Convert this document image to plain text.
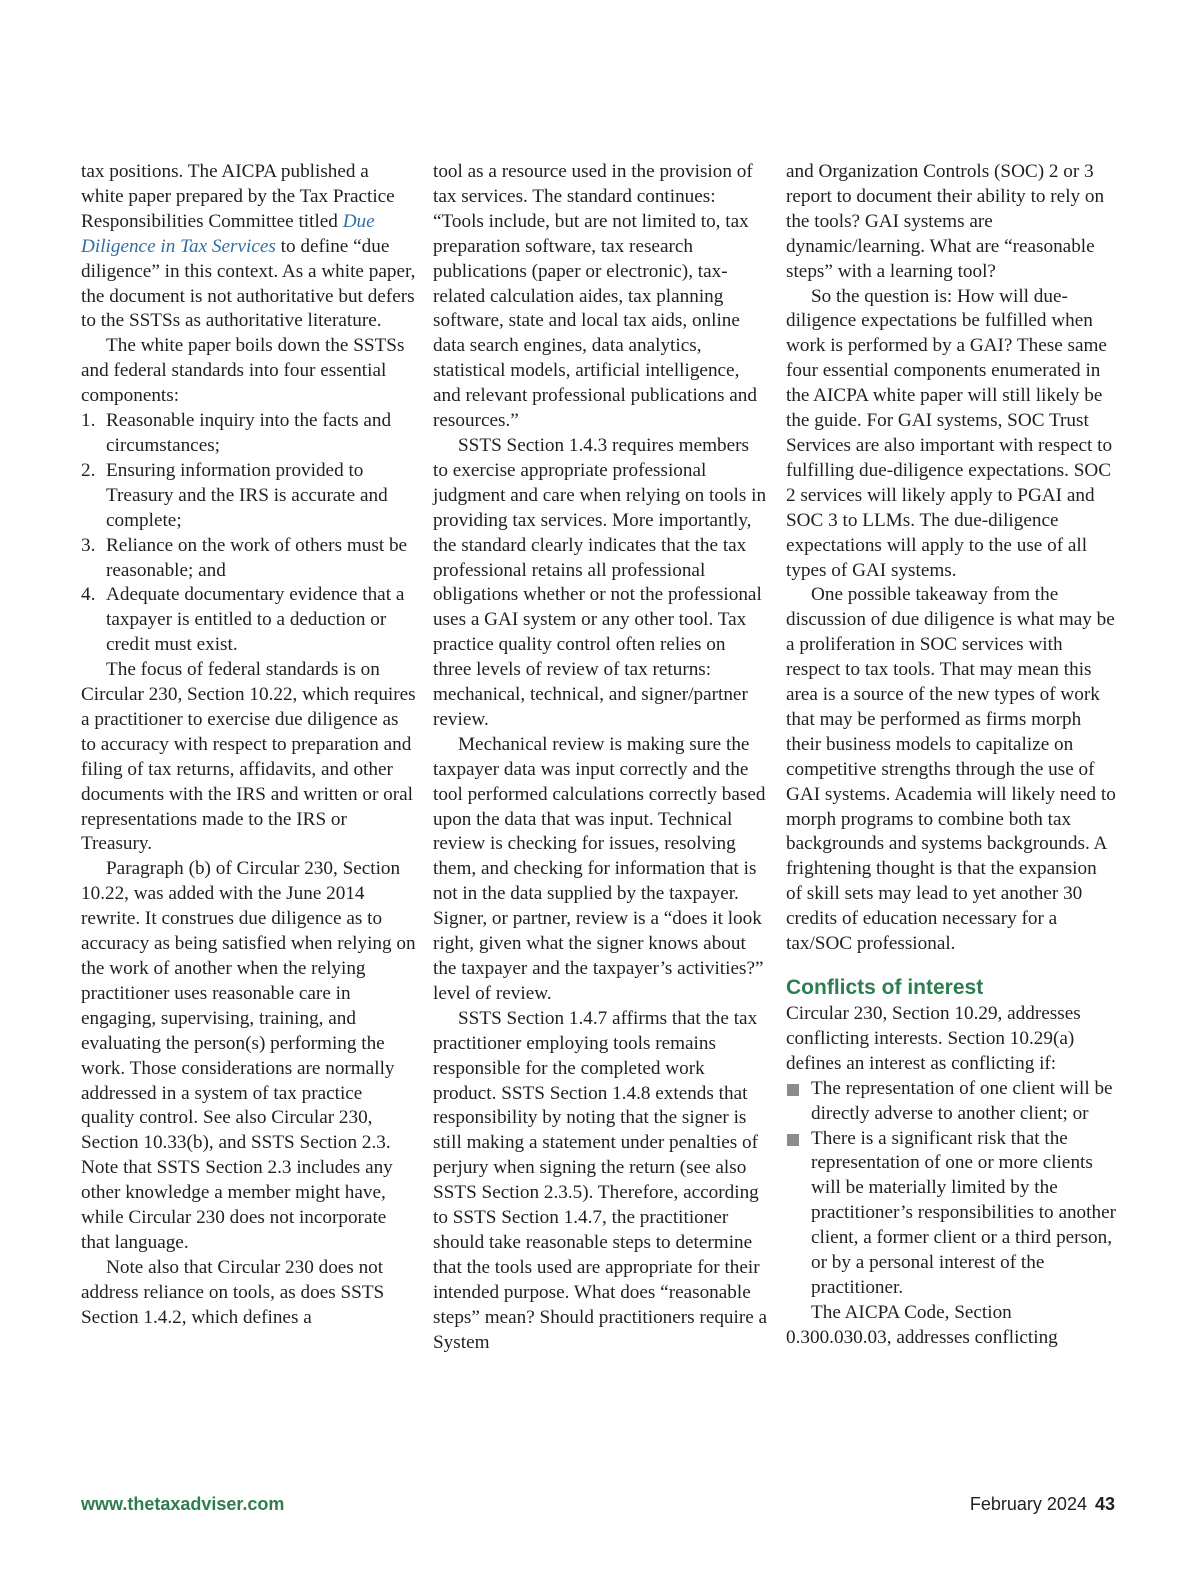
tax positions. The AICPA published a white paper prepared by the Tax Practice Responsibilities Committee titled Due Diligence in Tax Services to define “due diligence” in this context. As a white paper, the document is not authoritative but defers to the SSTSs as authoritative literature.

The white paper boils down the SSTSs and federal standards into four essential components:

1. Reasonable inquiry into the facts and circumstances;
2. Ensuring information provided to Treasury and the IRS is accurate and complete;
3. Reliance on the work of others must be reasonable; and
4. Adequate documentary evidence that a taxpayer is entitled to a deduction or credit must exist.

The focus of federal standards is on Circular 230, Section 10.22, which requires a practitioner to exercise due diligence as to accuracy with respect to preparation and filing of tax returns, affidavits, and other documents with the IRS and written or oral representations made to the IRS or Treasury.

Paragraph (b) of Circular 230, Section 10.22, was added with the June 2014 rewrite. It construes due diligence as to accuracy as being satisfied when relying on the work of another when the relying practitioner uses reasonable care in engaging, supervising, training, and evaluating the person(s) performing the work. Those considerations are normally addressed in a system of tax practice quality control. See also Circular 230, Section 10.33(b), and SSTS Section 2.3. Note that SSTS Section 2.3 includes any other knowledge a member might have, while Circular 230 does not incorporate that language.

Note also that Circular 230 does not address reliance on tools, as does SSTS Section 1.4.2, which defines a

tool as a resource used in the provision of tax services. The standard continues: “Tools include, but are not limited to, tax preparation software, tax research publications (paper or electronic), tax-related calculation aides, tax planning software, state and local tax aids, online data search engines, data analytics, statistical models, artificial intelligence, and relevant professional publications and resources.”

SSTS Section 1.4.3 requires members to exercise appropriate professional judgment and care when relying on tools in providing tax services. More importantly, the standard clearly indicates that the tax professional retains all professional obligations whether or not the professional uses a GAI system or any other tool. Tax practice quality control often relies on three levels of review of tax returns: mechanical, technical, and signer/partner review.

Mechanical review is making sure the taxpayer data was input correctly and the tool performed calculations correctly based upon the data that was input. Technical review is checking for issues, resolving them, and checking for information that is not in the data supplied by the taxpayer. Signer, or partner, review is a “does it look right, given what the signer knows about the taxpayer and the taxpayer’s activities?” level of review.

SSTS Section 1.4.7 affirms that the tax practitioner employing tools remains responsible for the completed work product. SSTS Section 1.4.8 extends that responsibility by noting that the signer is still making a statement under penalties of perjury when signing the return (see also SSTS Section 2.3.5). Therefore, according to SSTS Section 1.4.7, the practitioner should take reasonable steps to determine that the tools used are appropriate for their intended purpose. What does “reasonable steps” mean? Should practitioners require a System

and Organization Controls (SOC) 2 or 3 report to document their ability to rely on the tools? GAI systems are dynamic/learning. What are “reasonable steps” with a learning tool?

So the question is: How will due-diligence expectations be fulfilled when work is performed by a GAI? These same four essential components enumerated in the AICPA white paper will still likely be the guide. For GAI systems, SOC Trust Services are also important with respect to fulfilling due-diligence expectations. SOC 2 services will likely apply to PGAI and SOC 3 to LLMs. The due-diligence expectations will apply to the use of all types of GAI systems.

One possible takeaway from the discussion of due diligence is what may be a proliferation in SOC services with respect to tax tools. That may mean this area is a source of the new types of work that may be performed as firms morph their business models to capitalize on competitive strengths through the use of GAI systems. Academia will likely need to morph programs to combine both tax backgrounds and systems backgrounds. A frightening thought is that the expansion of skill sets may lead to yet another 30 credits of education necessary for a tax/SOC professional.

Conflicts of interest

Circular 230, Section 10.29, addresses conflicting interests. Section 10.29(a) defines an interest as conflicting if:

The representation of one client will be directly adverse to another client; or
There is a significant risk that the representation of one or more clients will be materially limited by the practitioner’s responsibilities to another client, a former client or a third person, or by a personal interest of the practitioner.

The AICPA Code, Section 0.300.030.03, addresses conflicting

www.thetaxadviser.com	February 2024 43
